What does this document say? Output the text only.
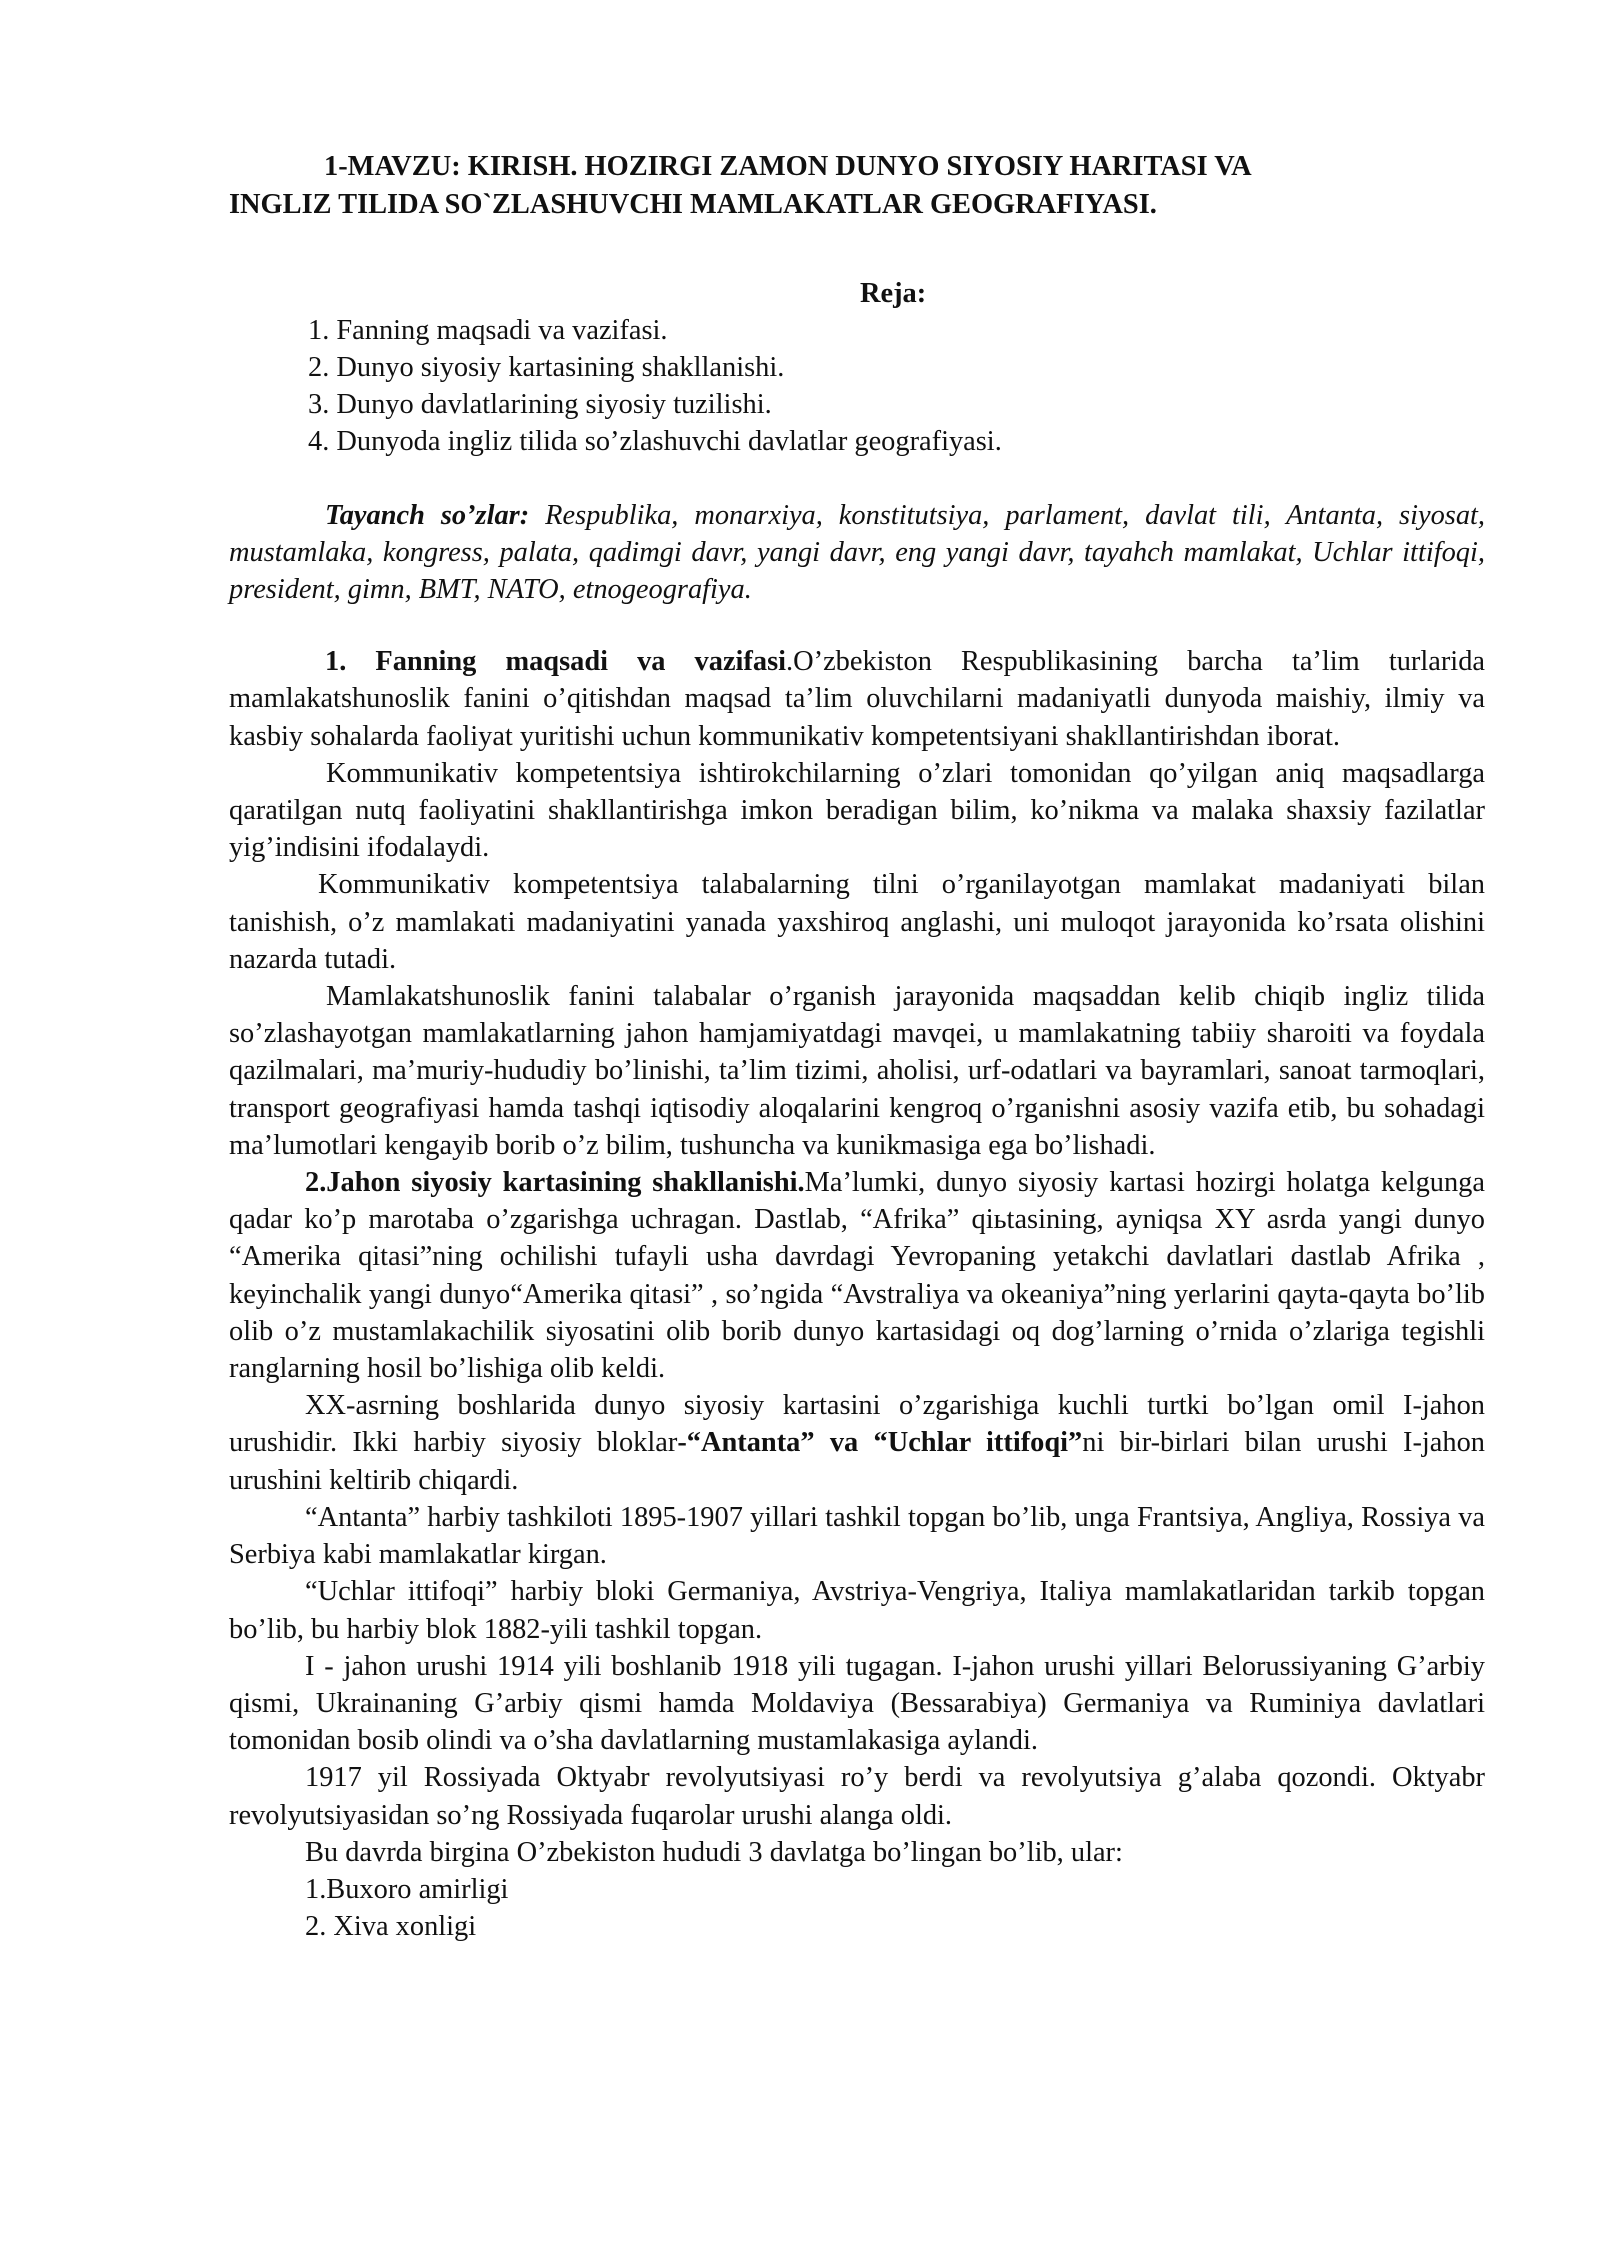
1-MAVZU: KIRISH. HOZIRGI ZAMON DUNYO SIYOSIY HARITASI VA
INGLIZ TILIDA SO`ZLASHUVCHI MAMLAKATLAR GEOGRAFIYASI.

Reja:

1. Fanning maqsadi va vazifasi.
2. Dunyo siyosiy kartasining shakllanishi.
3. Dunyo davlatlarining siyosiy tuzilishi.
4. Dunyoda ingliz tilida so’zlashuvchi davlatlar geografiyasi.

Tayanch so’zlar: Respublika, monarxiya, konstitutsiya, parlament, davlat tili, Antanta, siyosat, mustamlaka, kongress, palata, qadimgi davr, yangi davr, eng yangi davr, tayahch mamlakat, Uchlar ittifoqi, president, gimn, BMT, NATO, etnogeografiya.

1. Fanning maqsadi va vazifasi.O’zbekiston Respublikasining barcha ta’lim turlarida mamlakatshunoslik fanini o’qitishdan maqsad ta’lim oluvchilarni madaniyatli dunyoda maishiy, ilmiy va kasbiy sohalarda faoliyat yuritishi uchun kommunikativ kompetentsiyani shakllantirishdan iborat.

Kommunikativ kompetentsiya ishtirokchilarning o’zlari tomonidan qo’yilgan aniq maqsadlarga qaratilgan nutq faoliyatini shakllantirishga imkon beradigan bilim, ko’nikma va malaka shaxsiy fazilatlar yig’indisini ifodalaydi.

Kommunikativ kompetentsiya talabalarning tilni o’rganilayotgan mamlakat madaniyati bilan tanishish, o’z mamlakati madaniyatini yanada yaxshiroq anglashi, uni muloqot jarayonida ko’rsata olishini nazarda tutadi.

Mamlakatshunoslik fanini talabalar o’rganish jarayonida maqsaddan kelib chiqib ingliz tilida so’zlashayotgan mamlakatlarning jahon hamjamiyatdagi mavqei, u mamlakatning tabiiy sharoiti va foydala qazilmalari, ma’muriy-hududiy bo’linishi, ta’lim tizimi, aholisi, urf-odatlari va bayramlari, sanoat tarmoqlari, transport geografiyasi hamda tashqi iqtisodiy aloqalarini kengroq o’rganishni asosiy vazifa etib, bu sohadagi ma’lumotlari kengayib borib o’z bilim, tushuncha va kunikmasiga ega bo’lishadi.

2.Jahon siyosiy kartasining shakllanishi.Ma’lumki, dunyo siyosiy kartasi hozirgi holatga kelgunga qadar ko’p marotaba o’zgarishga uchragan. Dastlab, “Afrika” qiьtasining, ayniqsa XY asrda yangi dunyo “Amerika qitasi”ning ochilishi tufayli usha davrdagi Yevropaning yetakchi davlatlari dastlab Afrika , keyinchalik yangi dunyo“Amerika qitasi” , so’ngida “Avstraliya va okeaniya”ning yerlarini qayta-qayta bo’lib olib o’z mustamlakachilik siyosatini olib borib dunyo kartasidagi oq dog’larning o’rnida o’zlariga tegishli ranglarning hosil bo’lishiga olib keldi.

XX-asrning boshlarida dunyo siyosiy kartasini o’zgarishiga kuchli turtki bo’lgan omil I-jahon urushidir. Ikki harbiy siyosiy bloklar-“Antanta” va “Uchlar ittifoqi”ni bir-birlari bilan urushi I-jahon urushini keltirib chiqardi.

“Antanta” harbiy tashkiloti 1895-1907 yillari tashkil topgan bo’lib, unga Frantsiya, Angliya, Rossiya va Serbiya kabi mamlakatlar kirgan.

“Uchlar ittifoqi” harbiy bloki Germaniya, Avstriya-Vengriya, Italiya mamlakatlaridan tarkib topgan bo’lib, bu harbiy blok 1882-yili tashkil topgan.

I - jahon urushi 1914 yili boshlanib 1918 yili tugagan. I-jahon urushi yillari Belorussiyaning G’arbiy qismi, Ukrainaning G’arbiy qismi hamda Moldaviya (Bessarabiya) Germaniya va Ruminiya davlatlari tomonidan bosib olindi va o’sha davlatlarning mustamlakasiga aylandi.

1917 yil Rossiyada Oktyabr revolyutsiyasi ro’y berdi va revolyutsiya g’alaba qozondi. Oktyabr revolyutsiyasidan so’ng Rossiyada fuqarolar urushi alanga oldi.

Bu davrda birgina O’zbekiston hududi 3 davlatga bo’lingan bo’lib, ular:

1.Buxoro amirligi

2. Xiva xonligi
